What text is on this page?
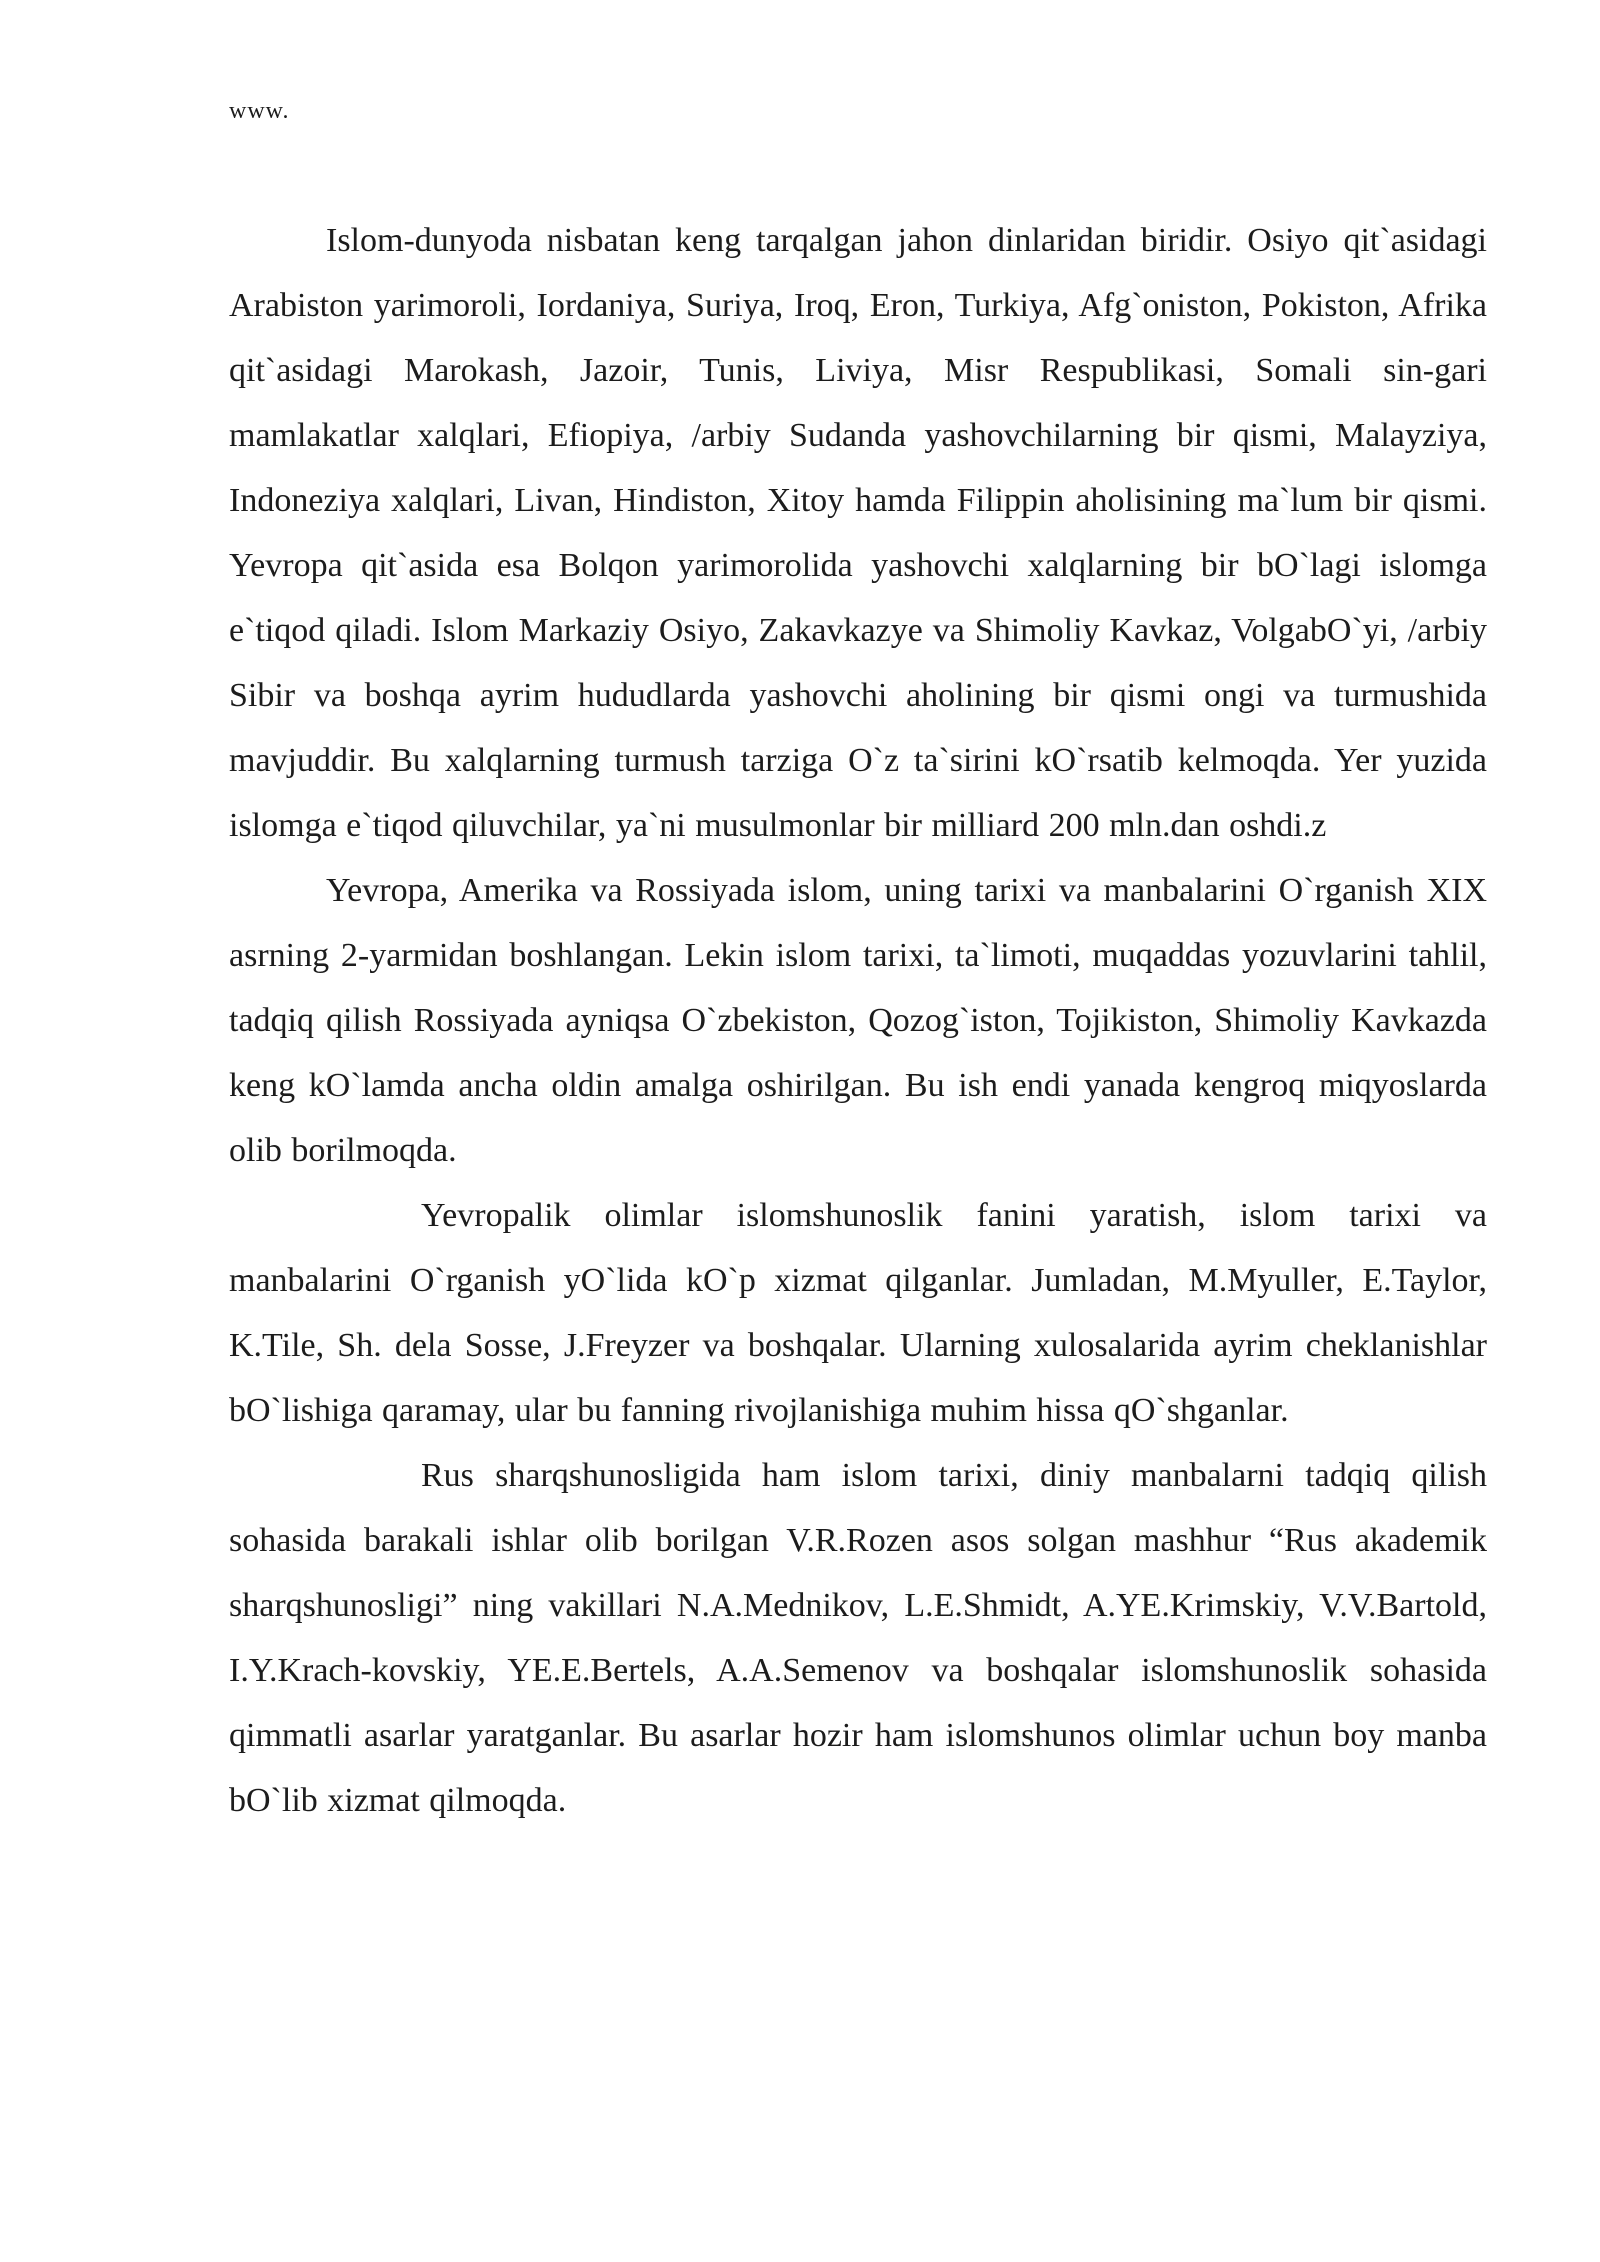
www.

Islom-dunyoda nisbatan keng tarqalgan jahon dinlaridan biridir. Osiyo qit`asidagi Arabiston yarimoroli, Iordaniya, Suriya, Iroq, Eron, Turkiya, Afg`oniston, Pokiston, Afrika qit`asidagi Marokash, Jazoir, Tunis, Liviya, Misr Respublikasi, Somali sin-gari mamlakatlar xalqlari, Efiopiya, /arbiy Sudanda yashovchilarning bir qismi, Malayziya, Indoneziya xalqlari, Livan, Hindiston, Xitoy hamda Filippin aholisining ma`lum bir qismi. Yevropa qit`asida esa Bolqon yarimorolida yashovchi xalqlarning bir bO`lagi islomga e`tiqod qiladi. Islom Markaziy Osiyo, Zakavkazye va Shimoliy Kavkaz, VolgabO`yi, /arbiy Sibir va boshqa ayrim hududlarda yashovchi aholining bir qismi ongi va turmushida mavjuddir. Bu xalqlarning turmush tarziga O`z ta`sirini kO`rsatib kelmoqda. Yer yuzida islomga e`tiqod qiluvchilar, ya`ni musulmonlar bir milliard 200 mln.dan oshdi.z

Yevropa, Amerika va Rossiyada islom, uning tarixi va manbalarini O`rganish XIX asrning 2-yarmidan boshlangan. Lekin islom tarixi, ta`limoti, muqaddas yozuvlarini tahlil, tadqiq qilish Rossiyada ayniqsa O`zbekiston, Qozog`iston, Tojikiston, Shimoliy Kavkazda keng kO`lamda ancha oldin amalga oshirilgan. Bu ish endi yanada kengroq miqyoslarda olib borilmoqda.

Yevropalik olimlar islomshunoslik fanini yaratish, islom tarixi va manbalarini O`rganish yO`lida kO`p xizmat qilganlar. Jumladan, M.Myuller, E.Taylor, K.Tile, Sh. dela Sosse, J.Freyzer va boshqalar. Ularning xulosalarida ayrim cheklanishlar bO`lishiga qaramay, ular bu fanning rivojlanishiga muhim hissa qO`shganlar.

Rus sharqshunosligida ham islom tarixi, diniy manbalarni tadqiq qilish sohasida barakali ishlar olib borilgan V.R.Rozen asos solgan mashhur “Rus akademik sharqshunosligi” ning vakillari N.A.Mednikov, L.E.Shmidt, A.YE.Krimskiy, V.V.Bartold, I.Y.Krach-kovskiy, YE.E.Bertels, A.A.Semenov va boshqalar islomshunoslik sohasida qimmatli asarlar yaratganlar. Bu asarlar hozir ham islomshunos olimlar uchun boy manba bO`lib xizmat qilmoqda.
